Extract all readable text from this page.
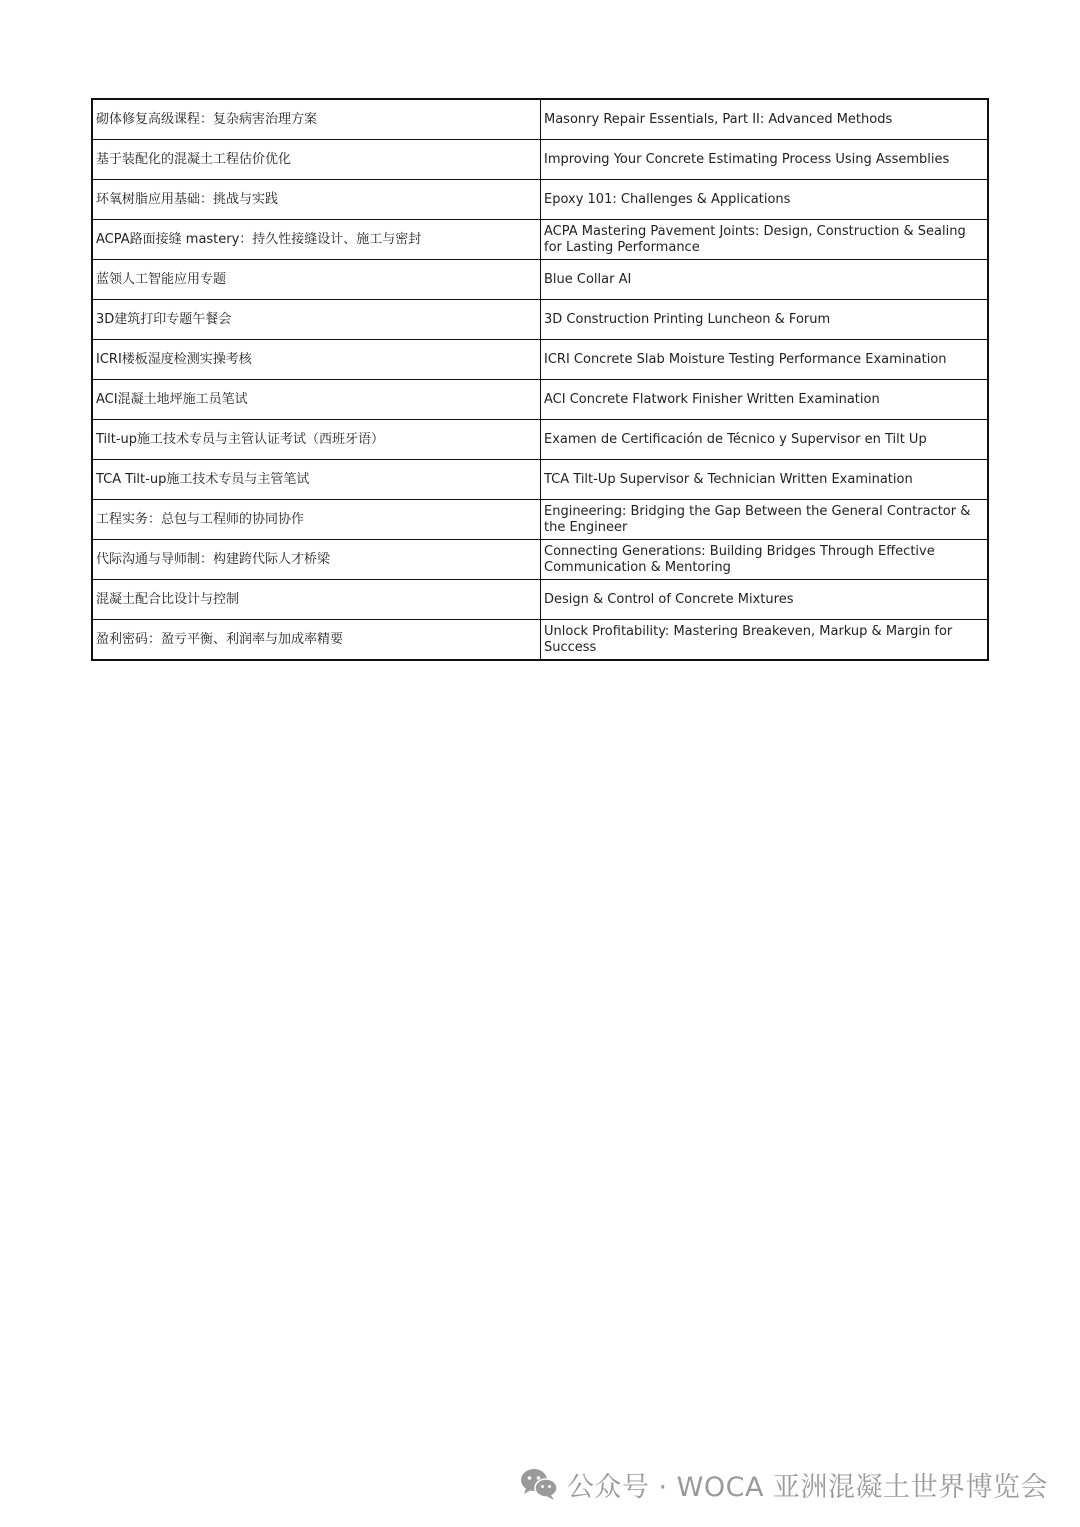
砌体修复高级课程：复杂病害治理方案	Masonry Repair Essentials, Part II: Advanced Methods
基于装配化的混凝土工程估价优化	Improving Your Concrete Estimating Process Using Assemblies
环氧树脂应用基础：挑战与实践	Epoxy 101: Challenges & Applications
ACPA路面接缝 mastery：持久性接缝设计、施工与密封	ACPA Mastering Pavement Joints: Design, Construction & Sealing for Lasting Performance
蓝领人工智能应用专题	Blue Collar AI
3D建筑打印专题午餐会	3D Construction Printing Luncheon & Forum
ICRI楼板湿度检测实操考核	ICRI Concrete Slab Moisture Testing Performance Examination
ACI混凝土地坪施工员笔试	ACI Concrete Flatwork Finisher Written Examination
Tilt-up施工技术专员与主管认证考试（西班牙语）	Examen de Certificación de Técnico y Supervisor en Tilt Up
TCA Tilt-up施工技术专员与主管笔试	TCA Tilt-Up Supervisor & Technician Written Examination
工程实务：总包与工程师的协同协作	Engineering: Bridging the Gap Between the General Contractor & the Engineer
代际沟通与导师制：构建跨代际人才桥梁	Connecting Generations: Building Bridges Through Effective Communication & Mentoring
混凝土配合比设计与控制	Design & Control of Concrete Mixtures
盈利密码：盈亏平衡、利润率与加成率精要	Unlock Profitability: Mastering Breakeven, Markup & Margin for Success
公众号 · WOCA 亚洲混凝土世界博览会
